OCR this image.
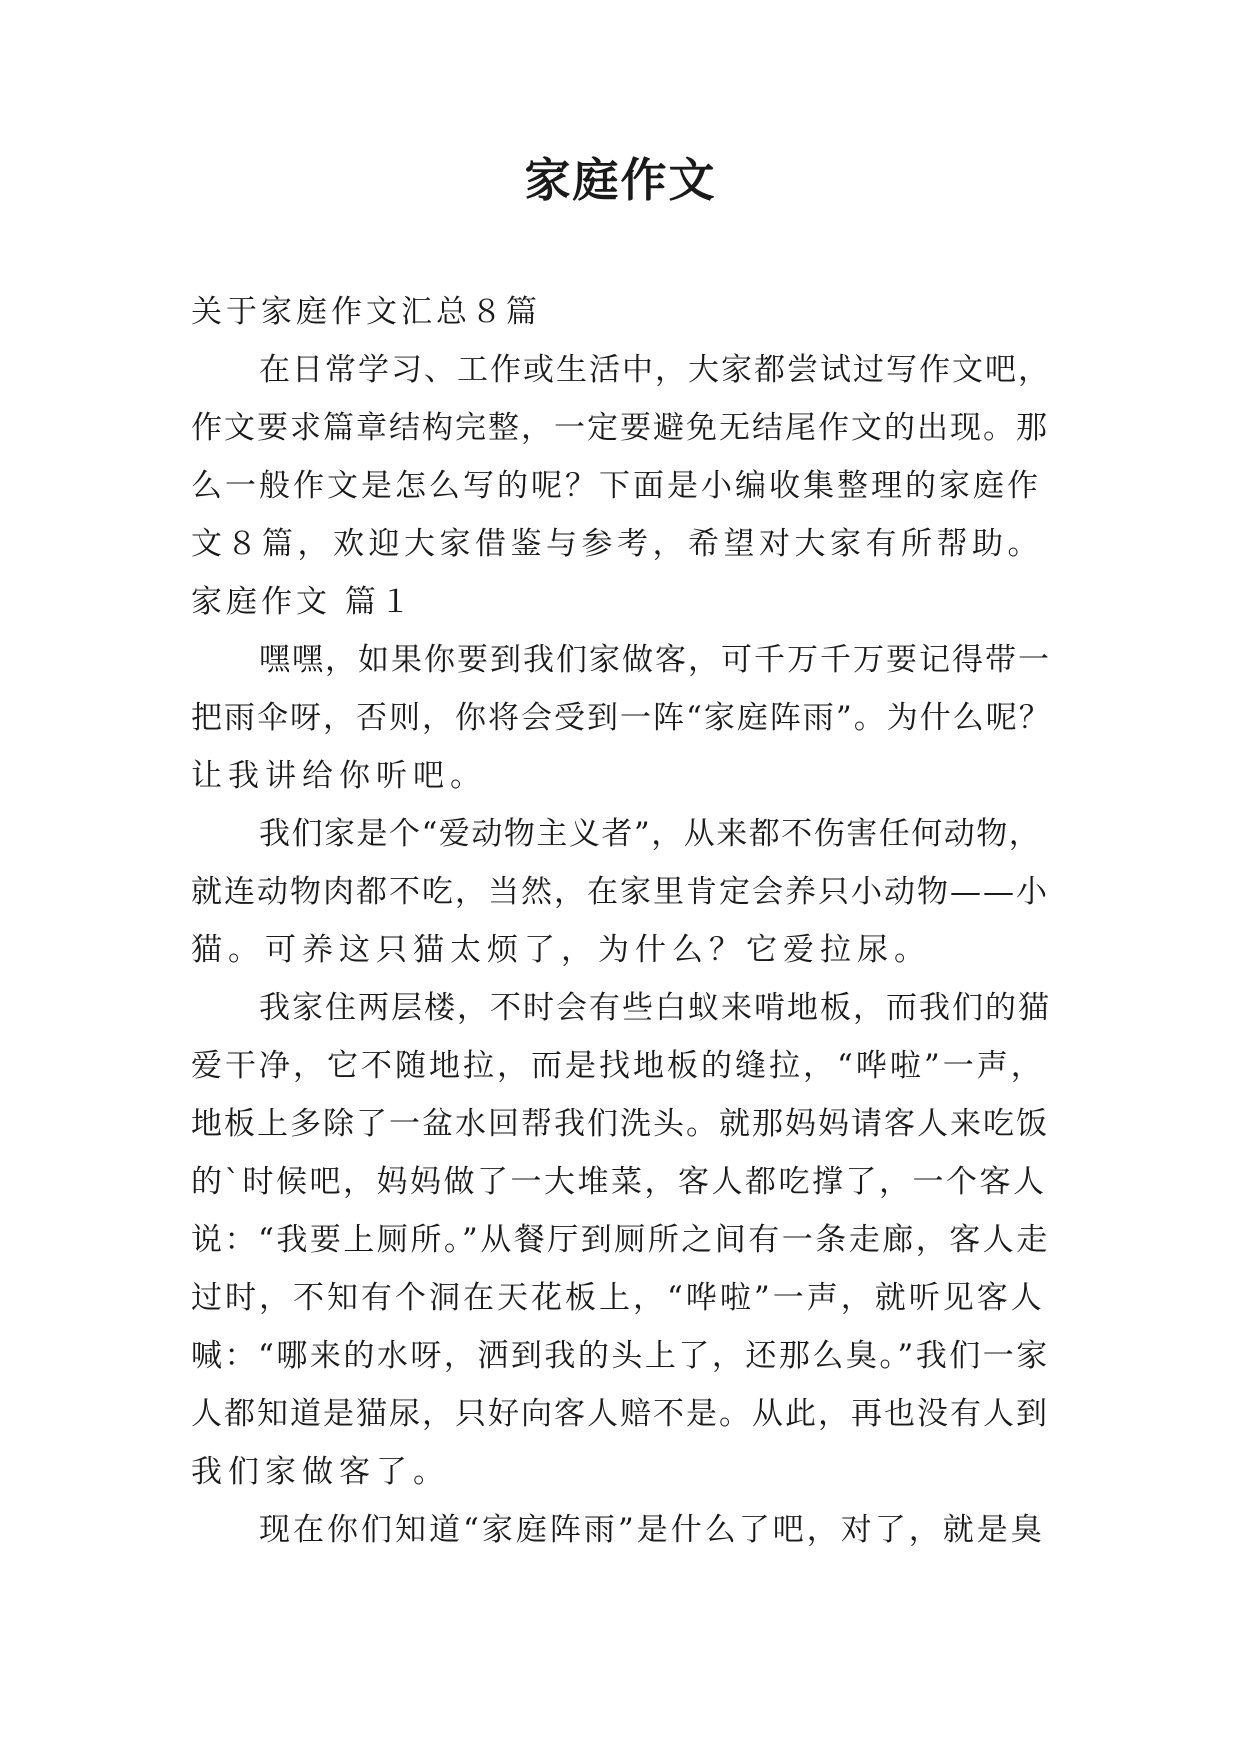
家庭作文

关于家庭作文汇总８篇

在日常学习、工作或生活中，大家都尝试过写作文吧，

作文要求篇章结构完整，一定要避免无结尾作文的出现。那

么一般作文是怎么写的呢？下面是小编收集整理的家庭作

文８篇，欢迎大家借鉴与参考，希望对大家有所帮助。

家庭作文 篇１

嘿嘿，如果你要到我们家做客，可千万千万要记得带一

把雨伞呀，否则，你将会受到一阵“家庭阵雨”。为什么呢？

让我讲给你听吧。

我们家是个“爱动物主义者”，从来都不伤害任何动物，

就连动物肉都不吃，当然，在家里肯定会养只小动物——小

猫。可养这只猫太烦了，为什么？它爱拉尿。

我家住两层楼，不时会有些白蚁来啃地板，而我们的猫

爱干净，它不随地拉，而是找地板的缝拉，“哗啦”一声，

地板上多除了一盆水回帮我们洗头。就那妈妈请客人来吃饭

的`时候吧，妈妈做了一大堆菜，客人都吃撑了，一个客人

说：“我要上厕所。”从餐厅到厕所之间有一条走廊，客人走

过时，不知有个洞在天花板上，“哗啦”一声，就听见客人

喊：“哪来的水呀，洒到我的头上了，还那么臭。”我们一家

人都知道是猫尿，只好向客人赔不是。从此，再也没有人到

我们家做客了。

现在你们知道“家庭阵雨”是什么了吧，对了，就是臭
